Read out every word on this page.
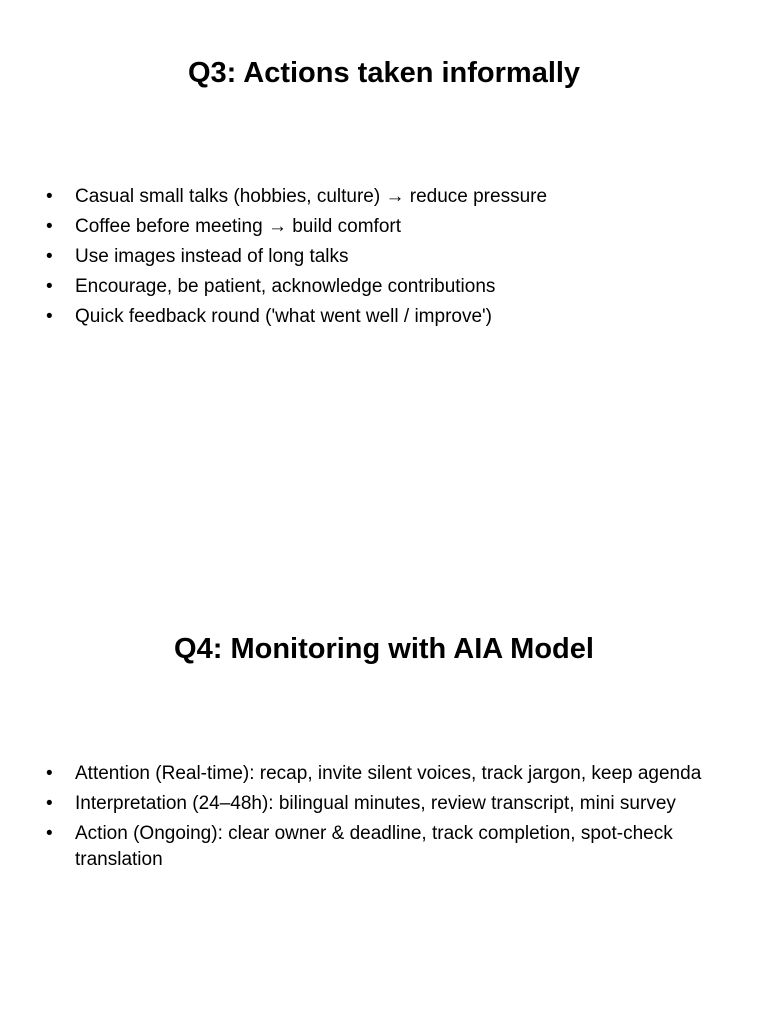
Q3: Actions taken informally
• Casual small talks (hobbies, culture) → reduce pressure
• Coffee before meeting → build comfort
• Use images instead of long talks
• Encourage, be patient, acknowledge contributions
• Quick feedback round ('what went well / improve')
Q4: Monitoring with AIA Model
• Attention (Real-time): recap, invite silent voices, track jargon, keep agenda
• Interpretation (24–48h): bilingual minutes, review transcript, mini survey
• Action (Ongoing): clear owner & deadline, track completion, spot-check translation
